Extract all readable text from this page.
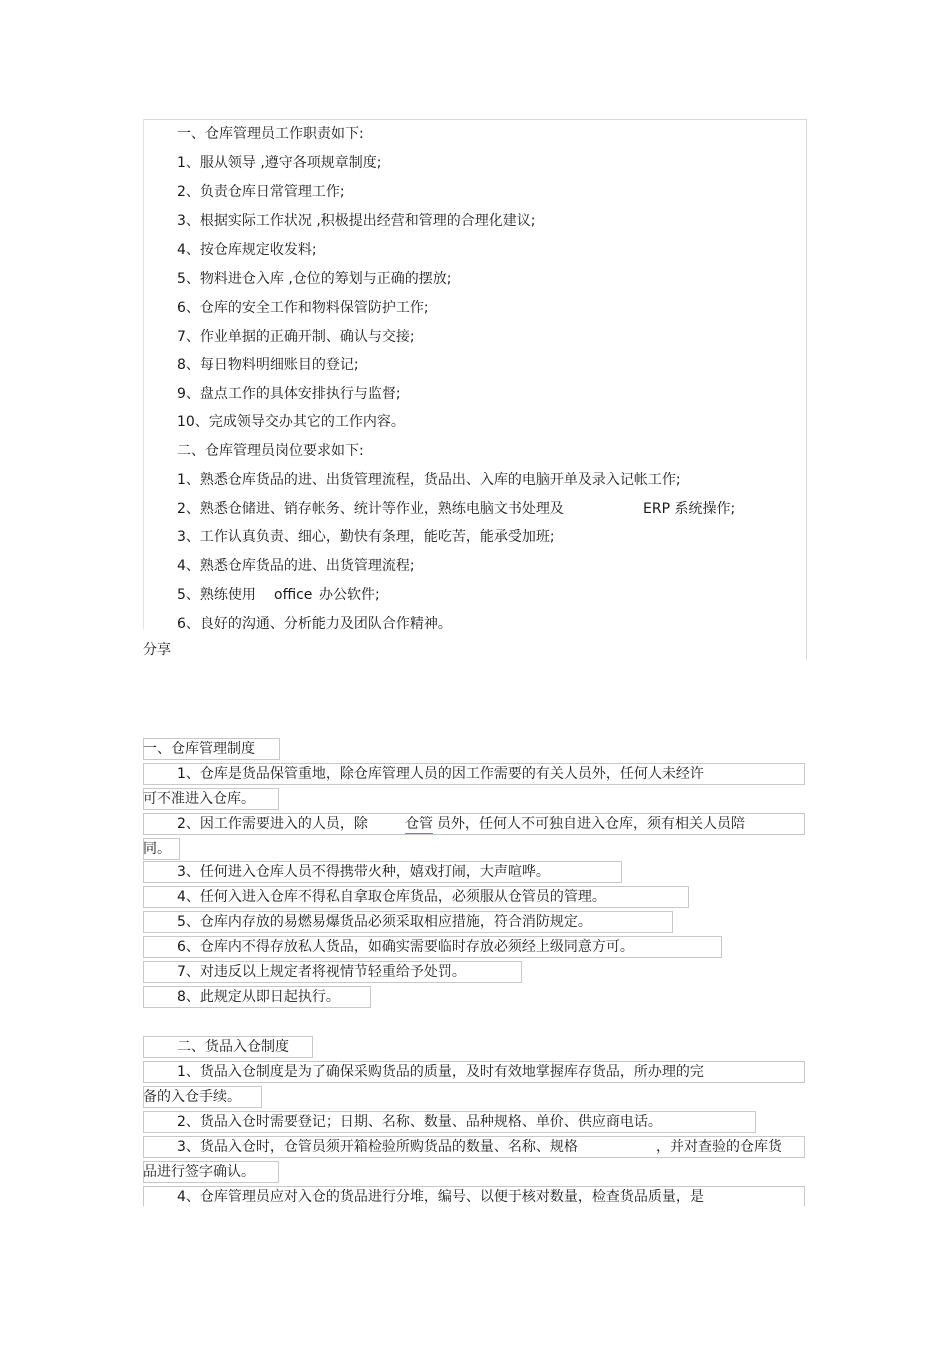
一、仓库管理员工作职责如下:
1、服从领导 ,遵守各项规章制度;
2、负责仓库日常管理工作;
3、根据实际工作状况 ,积极提出经营和管理的合理化建议;
4、按仓库规定收发料;
5、物料进仓入库 ,仓位的筹划与正确的摆放;
6、仓库的安全工作和物料保管防护工作;
7、作业单据的正确开制、确认与交接;
8、每日物料明细账目的登记;
9、盘点工作的具体安排执行与监督;
10、完成领导交办其它的工作内容。
二、仓库管理员岗位要求如下:
1、熟悉仓库货品的进、出货管理流程，货品出、入库的电脑开单及录入记帐工作;
2、熟悉仓储进、销存帐务、统计等作业，熟练电脑文书处理及	ERP 系统操作;
3、工作认真负责、细心，勤快有条理，能吃苦，能承受加班;
4、熟悉仓库货品的进、出货管理流程;
5、熟练使用 office 办公软件;
6、良好的沟通、分析能力及团队合作精神。
分享
一、仓库管理制度
1、仓库是货品保管重地，除仓库管理人员的因工作需要的有关人员外，任何人未经许
可不准进入仓库。
2、因工作需要进入的人员，除	仓管 员外，任何人不可独自进入仓库，须有相关人员陪
同。
3、任何进入仓库人员不得携带火种，嬉戏打闹，大声喧哗。
4、任何入进入仓库不得私自拿取仓库货品，必须服从仓管员的管理。
5、仓库内存放的易燃易爆货品必须采取相应措施，符合消防规定。
6、仓库内不得存放私人货品，如确实需要临时存放必须经上级同意方可。
7、对违反以上规定者将视情节轻重给予处罚。
8、此规定从即日起执行。
二、货品入仓制度
1、货品入仓制度是为了确保采购货品的质量，及时有效地掌握库存货品，所办理的完
备的入仓手续。
2、货品入仓时需要登记；日期、名称、数量、品种规格、单价、供应商电话。
3、货品入仓时，仓管员须开箱检验所购货品的数量、名称、规格	，并对查验的仓库货
品进行签字确认。
4、仓库管理员应对入仓的货品进行分堆，编号、以便于核对数量，检查货品质量，是
